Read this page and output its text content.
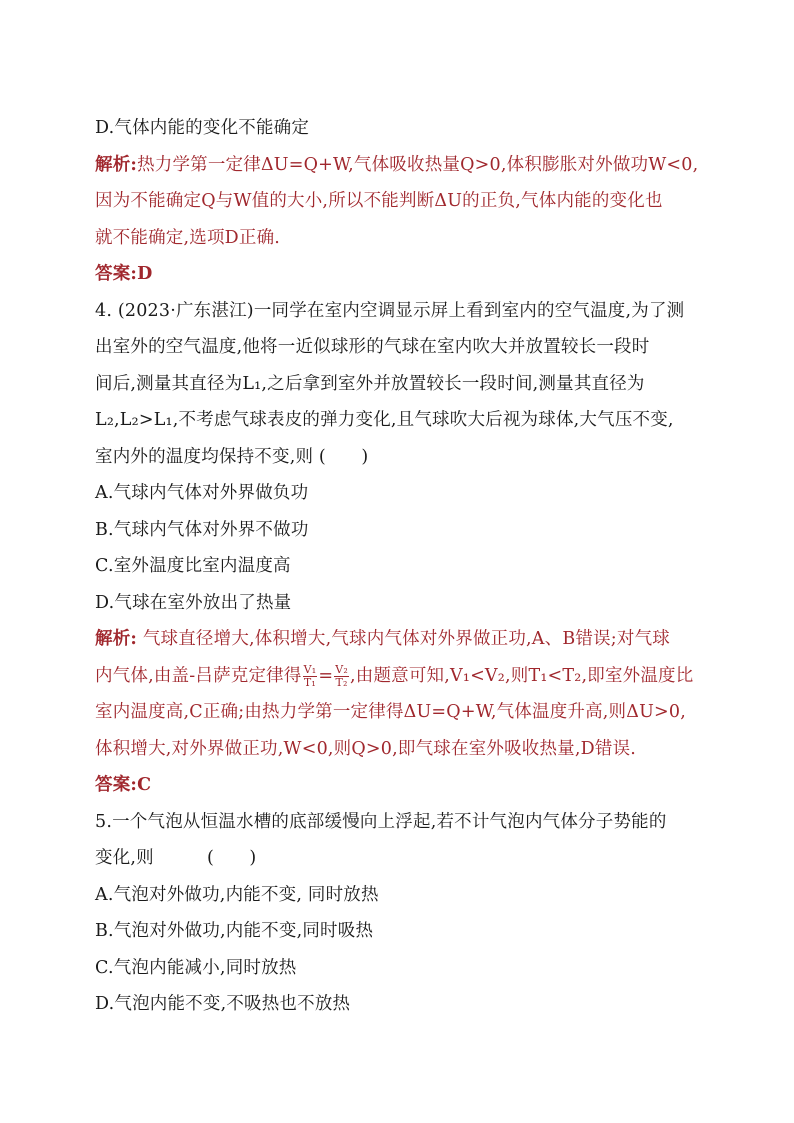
D.气体内能的变化不能确定
解析:热力学第一定律ΔU=Q+W,气体吸收热量Q>0,体积膨胀对外做功W<0,
因为不能确定Q与W值的大小,所以不能判断ΔU的正负,气体内能的变化也
就不能确定,选项D正确.
答案:D
4. (2023·广东湛江)一同学在室内空调显示屏上看到室内的空气温度,为了测
出室外的空气温度,他将一近似球形的气球在室内吹大并放置较长一段时
间后,测量其直径为L₁,之后拿到室外并放置较长一段时间,测量其直径为
L₂,L₂>L₁,不考虑气球表皮的弹力变化,且气球吹大后视为球体,大气压不变,
室内外的温度均保持不变,则 (　　)
A.气球内气体对外界做负功
B.气球内气体对外界不做功
C.室外温度比室内温度高
D.气球在室外放出了热量
解析: 气球直径增大,体积增大,气球内气体对外界做正功,A、B错误;对气球
内气体,由盖-吕萨克定律得 $\frac{\text{V₁}}{\text{T₁}} = \frac{\text{V₂}}{\text{T₂}}$ ,由题意可知,V₁<V₂,则T₁<T₂,即室外温度比
室内温度高,C正确;由热力学第一定律得ΔU=Q+W,气体温度升高,则ΔU>0,
体积增大,对外界做正功,W<0,则Q>0,即气球在室外吸收热量,D错误.
答案:C
5.一个气泡从恒温水槽的底部缓慢向上浮起,若不计气泡内气体分子势能的
变化,则　　　(　　)
A.气泡对外做功,内能不变, 同时放热
B.气泡对外做功,内能不变,同时吸热
C.气泡内能减小,同时放热
D.气泡内能不变,不吸热也不放热
